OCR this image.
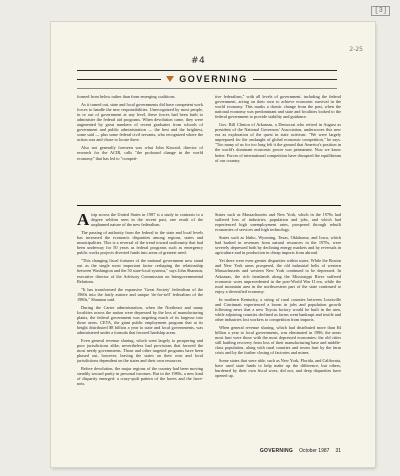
[3]
2-25
#4
GOVERNING

formed from below rather than from emerging coalitions.

As it turned out, state and local governments did have competent work forces to handle the new responsibilities. Unrecognized by most people, in or out of government at any level, these forces had been built to administer the federal aid programs. When devolution came, they were augmented by great numbers of recent graduates from schools of government and public administration — the best and the brightest, some said — plus some federal civil servants, who recognized where the action was and chose to locate there.

Also not generally foreseen was what John Kincaid, director of research for the ACIR, calls "the profound change in the world economy" that has led to "competi-

tive federalism," with all levels of government, including the federal government, acting on their own to achieve economic survival in the world economy. This marks a drastic change from the past, when the national economy was predominant and state and localities looked to the federal government to provide stability and guidance.

Gov. Bill Clinton of Arkansas, a Democrat who retired in August as president of the National Governors' Association, underscores this new era as exploration of the quest in state activism: "We were largely unprepared for the onslaught of global economic competition," he says. "Too many of us for too long felt it the ground that America's position in the world's dominant economic power was permanent. Now we know better. Forces of international competition have disrupted the equilibrium of our country.

Atrip across the United States in 1987 is a study in contrasts to a degree seldom seen in the recent past, one result of the unplanned nature of the new federalism.

The passing of authority from the federal to the state and local levels has increased the economic disparities among regions, states and municipalities. This is a reversal of the trend toward uniformity that had been underway for 50 years as federal programs such as emergency public works projects diverted funds into areas of greatest need.

"This changing fiscal fortunes of the national government now stand out as the single most important factor reshaping the relationship between Washington and the 50 state-local systems," says John Shannon, executive director of the Advisory Commission on Intergovernmental Relations.

"It has transformed the expansive 'Great Society' federalism of the 1960s into the fairly austere and unique 'do-for-self' federalism of the 1980s," Shannon said.

During the Carter administration, when the Northeast and many localities across the nation were depressed by the loss of manufacturing plants, the federal government was targeting much of its largesse into those areas. CETA, the giant public employment program that at its height distributed $8 billion a year to state and local governments, was administered under a formula that favored hardship areas.

Even general revenue sharing, which went largely to prospering and poor jurisdictions alike, nevertheless had provisions that favored the most needy governments. Those and other targeted programs have been phased out, however, leaving the states on their own and local jurisdictions dependent on the states and their own resources.

Before devolution, the major regions of the country had been moving steadily toward parity in personal incomes. But in the 1980s, a new kind of disparity emerged: a crazy-quilt pattern of the haves and the have-nots.

States such as Massachusetts and New York, which in the 1970s had suffered loss of industries, population and jobs, and which had experienced high unemployment rates, prospered through rebuilt economies of services and high technology.

States such as Idaho, Wyoming, Texas, Oklahoma, and Iowa, which had basked in revenues from natural resources in the 1970s, were severely depressed both by declining energy markets and by reversals in agriculture and in production in cheap imports from abroad.

Yet there were even greater disparities within states. While the Boston and New York areas prospered, the old industrial belts of western Massachusetts and western New York continued to be depressed. In Arkansas, the rich farmlands along the Mississippi River suffered economic woes unprecedented in the post-World War II era, while the rural mountain area in the northwestern part of the state continued to enjoy a diversified economy.

In northern Kentucky, a string of rural counties between Louisville and Cincinnati experienced a boom in jobs and population growth following news that a new Toyota factory would be built in the area, while adjoining counties declined as farms went bankrupt and textile and other industries lost workers to competition from imports.

When general revenue sharing, which had distributed more than $4 billion a year to local governments, was eliminated in 1986, the areas most hurt were those with the most depressed economies: the old cities still battling recovery from loss of their manufacturing base and middle-class population, along with rural counties and towns hurt by the farm crisis and by the further closing of factories and mines.

Some states that were able, such as New York, Florida, and California, have used state funds to help make up the difference, but others, burdened by their own fiscal woes, did not, and deep disparities have opened up.

GOVERNING October 1987 31
